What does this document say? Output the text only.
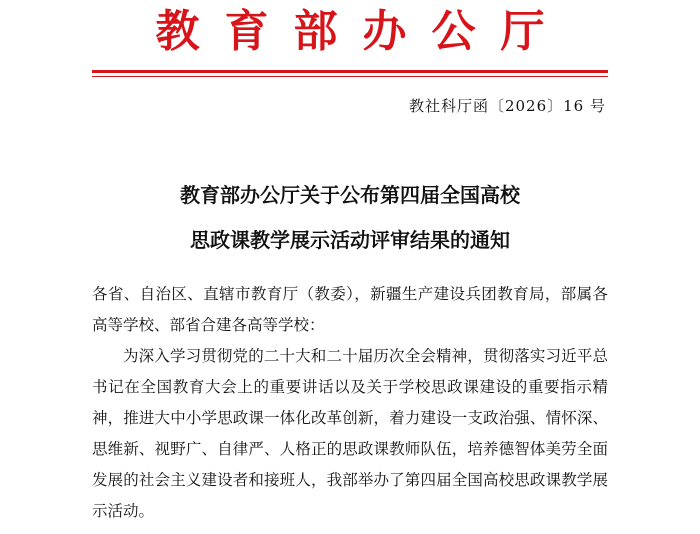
教育部办公厅
教社科厅函〔2026〕16 号
教育部办公厅关于公布第四届全国高校
思政课教学展示活动评审结果的通知
各省、自治区、直辖市教育厅（教委），新疆生产建设兵团教育局，部属各高等学校、部省合建各高等学校：
为深入学习贯彻党的二十大和二十届历次全会精神，贯彻落实习近平总书记在全国教育大会上的重要讲话以及关于学校思政课建设的重要指示精神，推进大中小学思政课一体化改革创新，着力建设一支政治强、情怀深、思维新、视野广、自律严、人格正的思政课教师队伍，培养德智体美劳全面发展的社会主义建设者和接班人，我部举办了第四届全国高校思政课教学展示活动。
